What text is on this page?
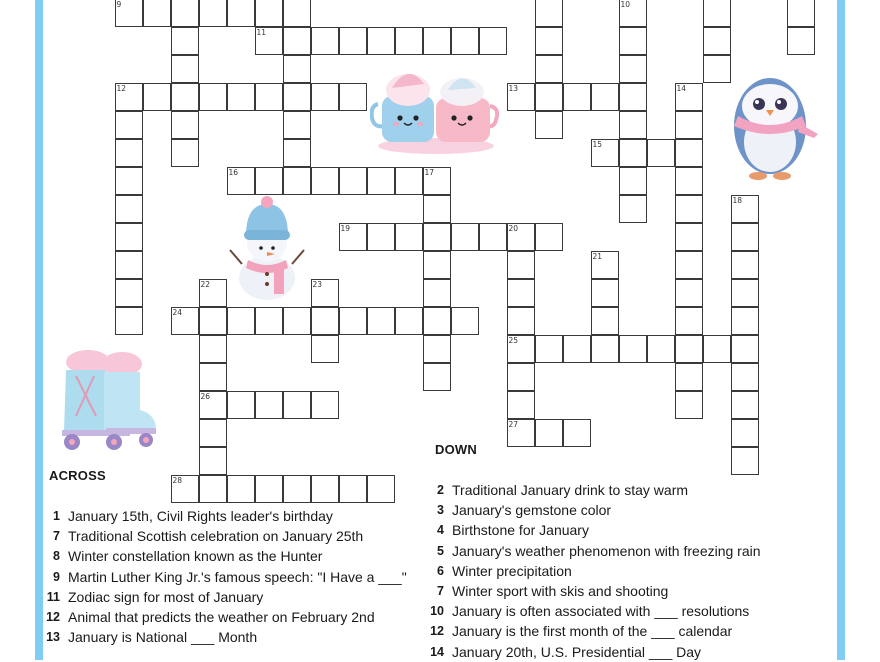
9	10
11
12	13	14
15
16	17
18
19	20
21
22	23
24
25
26
27
28
ACROSS
DOWN
1 January 15th, Civil Rights leader's birthday
7 Traditional Scottish celebration on January 25th
8 Winter constellation known as the Hunter
9 Martin Luther King Jr.'s famous speech: "I Have a ___"
11 Zodiac sign for most of January
12 Animal that predicts the weather on February 2nd
13 January is National ___ Month
2 Traditional January drink to stay warm
3 January's gemstone color
4 Birthstone for January
5 January's weather phenomenon with freezing rain
6 Winter precipitation
7 Winter sport with skis and shooting
10 January is often associated with ___ resolutions
12 January is the first month of the ___ calendar
14 January 20th, U.S. Presidential ___ Day
